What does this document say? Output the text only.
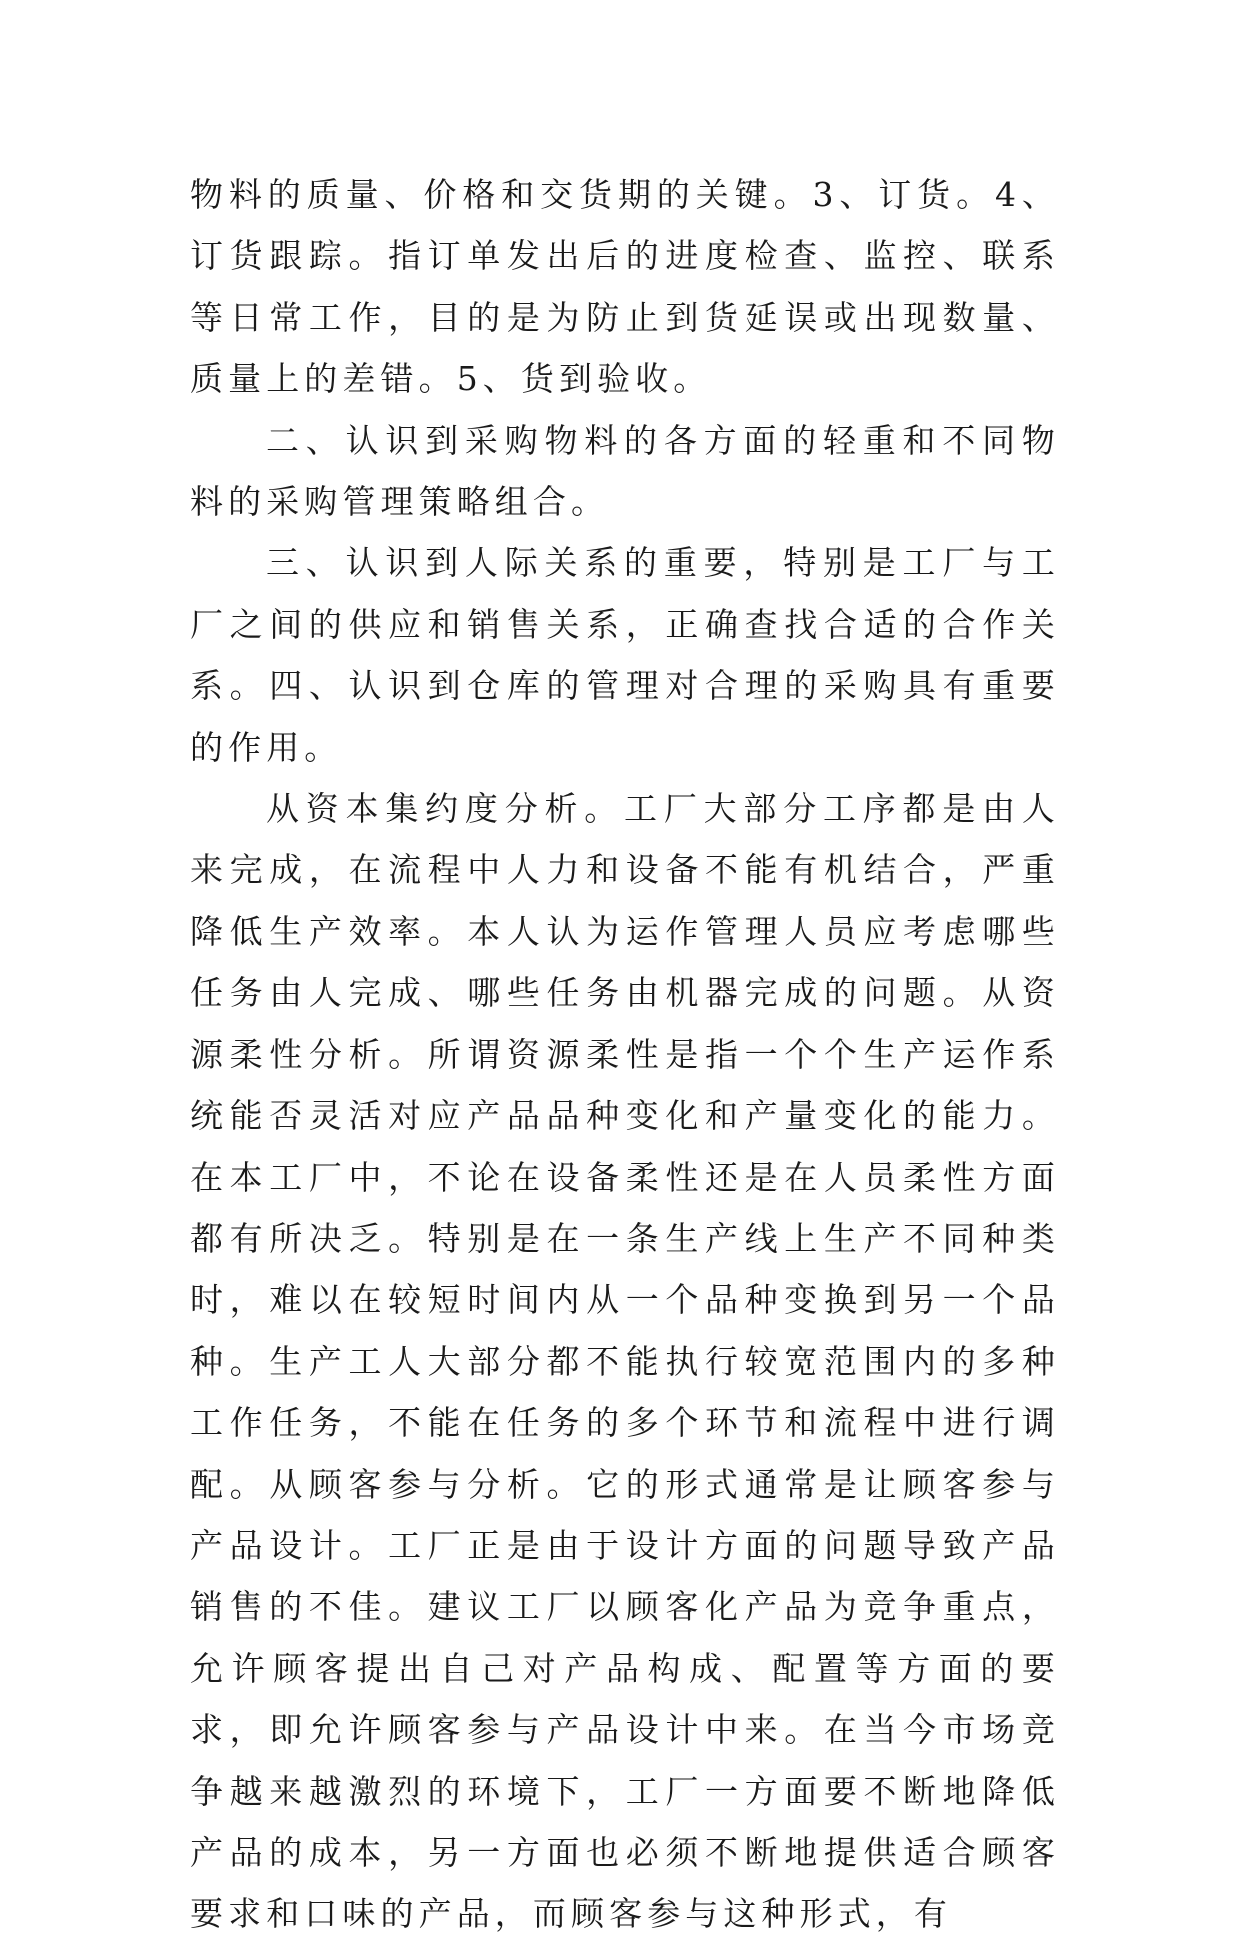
物料的质量、价格和交货期的关键。3、订货。4、订货跟踪。指订单发出后的进度检查、监控、联系等日常工作，目的是为防止到货延误或出现数量、质量上的差错。5、货到验收。

二、认识到采购物料的各方面的轻重和不同物料的采购管理策略组合。

三、认识到人际关系的重要，特别是工厂与工厂之间的供应和销售关系，正确查找合适的合作关系。四、认识到仓库的管理对合理的采购具有重要的作用。

从资本集约度分析。工厂大部分工序都是由人来完成，在流程中人力和设备不能有机结合，严重降低生产效率。本人认为运作管理人员应考虑哪些任务由人完成、哪些任务由机器完成的问题。从资源柔性分析。所谓资源柔性是指一个个生产运作系统能否灵活对应产品品种变化和产量变化的能力。在本工厂中，不论在设备柔性还是在人员柔性方面都有所决乏。特别是在一条生产线上生产不同种类时，难以在较短时间内从一个品种变换到另一个品种。生产工人大部分都不能执行较宽范围内的多种工作任务，不能在任务的多个环节和流程中进行调配。从顾客参与分析。它的形式通常是让顾客参与产品设计。工厂正是由于设计方面的问题导致产品销售的不佳。建议工厂以顾客化产品为竞争重点，允许顾客提出自己对产品构成、配置等方面的要求，即允许顾客参与产品设计中来。在当今市场竞争越来越激烈的环境下，工厂一方面要不断地降低产品的成本，另一方面也必须不断地提供适合顾客要求和口味的产品，而顾客参与这种形式，有
